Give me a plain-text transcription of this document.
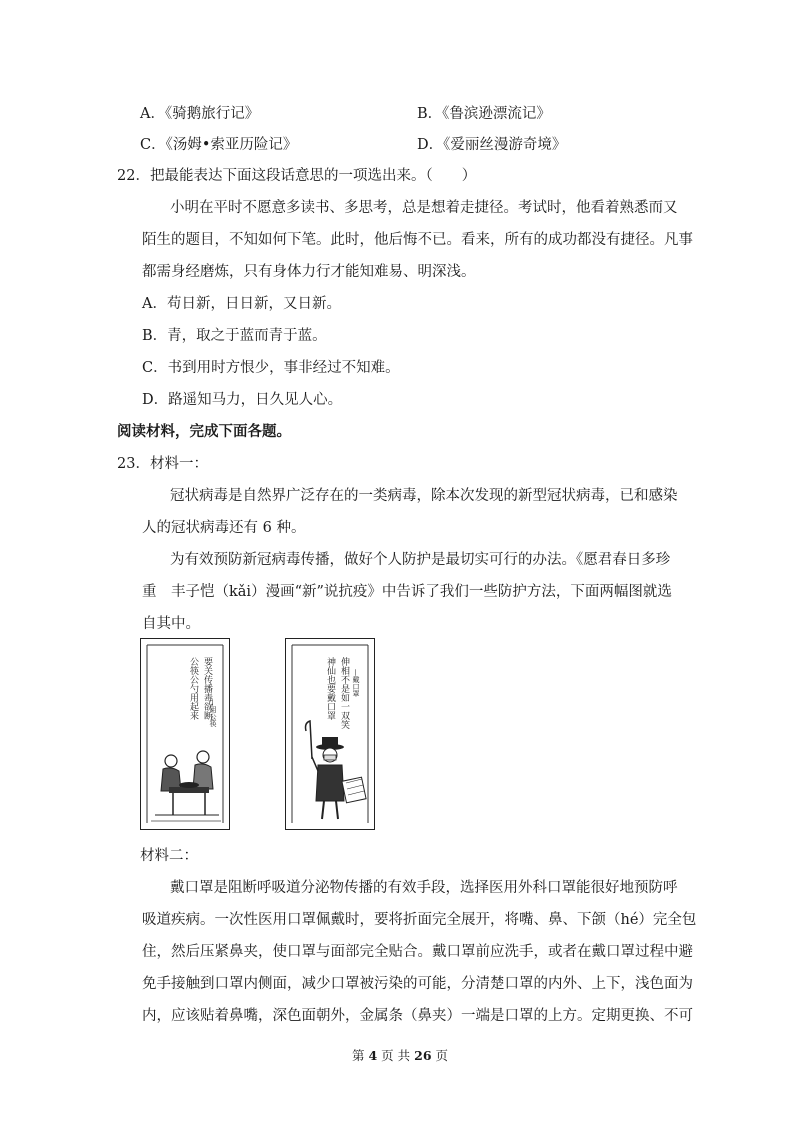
A．《骑鹅旅行记》	B．《鲁滨逊漂流记》
C．《汤姆•索亚历险记》	D．《爱丽丝漫游奇境》
22．把最能表达下面这段话意思的一项选出来。（　　）
小明在平时不愿意多读书、多思考，总是想着走捷径。考试时，他看着熟悉而又
陌生的题目，不知如何下笔。此时，他后悔不已。看来，所有的成功都没有捷径。凡事
都需身经磨炼，只有身体力行才能知难易、明深浅。
A．苟日新，日日新，又日新。
B．青，取之于蓝而青于蓝。
C．书到用时方恨少，事非经过不知难。
D．路遥知马力，日久见人心。
阅读材料，完成下面各题。
23．材料一：
冠状病毒是自然界广泛存在的一类病毒，除本次发现的新型冠状病毒，已和感染
人的冠状病毒还有 6 种。
为有效预防新冠病毒传播，做好个人防护是最切实可行的办法。《愿君春日多珍
重　丰子恺（kǎi）漫画“新”说抗疫》中告诉了我们一些防护方法，下面两幅图就选
自其中。
要关传播毒欲断
公筷公勺用起来 —用公筷	伸相不是如一双笑
神仙也要戴口罩 —戴口罩
材料二：
戴口罩是阻断呼吸道分泌物传播的有效手段，选择医用外科口罩能很好地预防呼
吸道疾病。一次性医用口罩佩戴时，要将折面完全展开，将嘴、鼻、下颌（hé）完全包
住，然后压紧鼻夹，使口罩与面部完全贴合。戴口罩前应洗手，或者在戴口罩过程中避
免手接触到口罩内侧面，减少口罩被污染的可能，分清楚口罩的内外、上下，浅色面为
内，应该贴着鼻嘴，深色面朝外，金属条（鼻夹）一端是口罩的上方。定期更换、不可
第 4 页 共 26 页
